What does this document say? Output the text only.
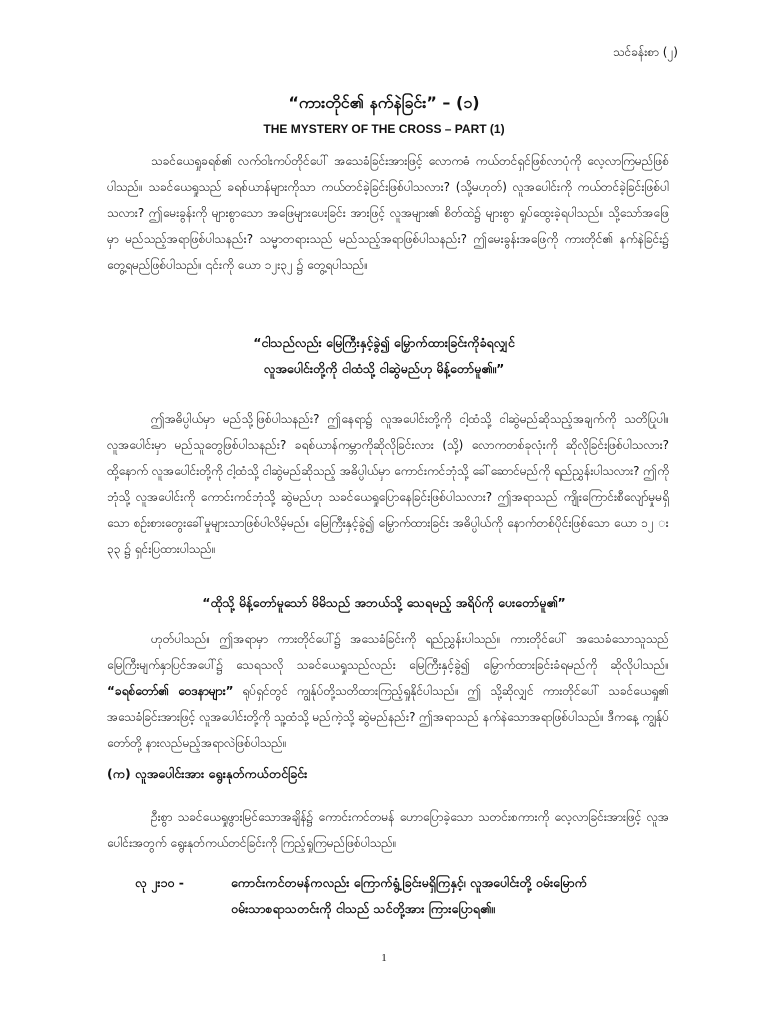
သင်ခန်းစာ (၂)
“ကားတိုင်၏ နက်နဲခြင်း” – (၁)
THE MYSTERY OF THE CROSS – PART (1)

သခင်ယေရှုခရစ်၏ လက်ဝါးကပ်တိုင်ပေါ် အသေခံခြင်းအားဖြင့် လောကဓံ ကယ်တင်ရှင်ဖြစ်လာပုံကို လေ့လာကြမည်ဖြစ်ပါသည်။ သခင်ယေရှုသည် ခရစ်ယာန်များကိုသာ ကယ်တင်ခဲ့ခြင်းဖြစ်ပါသလား? (သို့မဟုတ်) လူအပေါင်းကို ကယ်တင်ခဲ့ခြင်းဖြစ်ပါသလား? ဤမေးခွန်းကို များစွာသော အဖြေများပေးခြင်း အားဖြင့် လူအများ၏ စိတ်ထဲ၌ များစွာ ရှုပ်ထွေးခဲ့ရပါသည်။ သို့သော်အဖြေမှာ မည်သည့်အရာဖြစ်ပါသနည်း? သမ္မာတရားသည် မည်သည့်အရာဖြစ်ပါသနည်း? ဤမေးခွန်းအဖြေကို ကားတိုင်၏ နက်နဲခြင်း၌ တွေ့ရမည်ဖြစ်ပါသည်။ ၎င်းကို ယော ၁၂း၃၂ ၌ တွေ့ရပါသည်။

“ငါသည်လည်း မြေကြီးနှင့်ခွဲ၍ မြှောက်ထားခြင်းကိုခံရလျှင်
လူအပေါင်းတို့ကို ငါထံသို့ ငါဆွဲမည်ဟု မိန့်တော်မူ၏။”

ဤအဓိပ္ပါယ်မှာ မည်သို့ဖြစ်ပါသနည်း? ဤနေရာ၌ လူအပေါင်းတို့ကို ငါ့ထံသို့ ငါဆွဲမည်ဆိုသည့်အချက်ကို သတိပြုပါ။ လူအပေါင်းမှာ မည်သူတွေဖြစ်ပါသနည်း? ခရစ်ယာန်ကမ္ဘာကိုဆိုလိုခြင်းလား (သို့) လောကတစ်ခုလုံးကို ဆိုလိုခြင်းဖြစ်ပါသလား? ထို့နောက် လူအပေါင်းတို့ကို ငါ့ထံသို့ ငါဆွဲမည်ဆိုသည့် အဓိပ္ပါယ်မှာ ကောင်းကင်ဘုံသို့ ခေါ်ဆောင်မည်ကို ရည်ညွှန်းပါသလား? ဤကိုဘုံသို့ လူအပေါင်းကို ကောင်းကင်ဘုံသို့ ဆွဲမည်ဟု သခင်ယေရှုပြောနေခြင်းဖြစ်ပါသလား? ဤအရာသည် ကျိုးကြောင်းစီလျော်မှုမရှိသော စဉ်းစားတွေးခေါ်မှုများသာဖြစ်ပါလိမ့်မည်။ မြေကြီးနှင့်ခွဲ၍ မြှောက်ထားခြင်း အဓိပ္ပါယ်ကို နောက်တစ်ပိုင်းဖြစ်သော ယော ၁၂ း ၃၃ ၌ ရှင်းပြထားပါသည်။

“ထိုသို့ မိန့်တော်မူသော် မိမိသည် အဘယ်သို့ သေရမည့် အရိပ်ကို ပေးတော်မူ၏”

ဟုတ်ပါသည်။ ဤအရာမှာ ကားတိုင်ပေါ်၌ အသေခံခြင်းကို ရည်ညွှန်းပါသည်။ ကားတိုင်ပေါ် အသေခံသောသူသည် မြေကြီးမျက်နှာပြင်အပေါ်၌ သေရသလို သခင်ယေရှုသည်လည်း မြေကြီးနှင့်ခွဲ၍ မြှောက်ထားခြင်းခံရမည်ကို ဆိုလိုပါသည်။ “ခရစ်တော်၏ ဝေဒနာများ” ရုပ်ရှင်တွင် ကျွန်ုပ်တို့သတိထားကြည့်ရှုနိုင်ပါသည်။ ဤ သို့ဆိုလျှင် ကားတိုင်ပေါ် သခင်ယေရှု၏ အသေခံခြင်းအားဖြင့် လူအပေါင်းတို့ကို သူ့ထံသို့ မည်ကဲ့သို့ ဆွဲမည်နည်း? ဤအရာသည် နက်နဲသောအရာဖြစ်ပါသည်။ ဒီကနေ့ ကျွန်ုပ်တော်တို့ နားလည်မည့်အရာလဲဖြစ်ပါသည်။

(က) လူအပေါင်းအား ရွေးနုတ်ကယ်တင်ခြင်း

ဦးစွာ သခင်ယေရှုဖွားမြင်သောအချိန်၌ ကောင်းကင်တမန် ဟောပြောခဲ့သော သတင်းစကားကို လေ့လာခြင်းအားဖြင့် လူအပေါင်းအတွက် ရွေးနုတ်ကယ်တင်ခြင်းကို ကြည့်ရှုကြမည်ဖြစ်ပါသည်။

လု ၂း၁၀ -	ကောင်းကင်တမန်ကလည်း ကြောက်ရွံ့ခြင်းမရှိကြနှင့်၊ လူအပေါင်းတို့ ဝမ်းမြောက်
ဝမ်းသာစရာသတင်းကို ငါသည် သင်တို့အား ကြားပြောရ၏။
1
